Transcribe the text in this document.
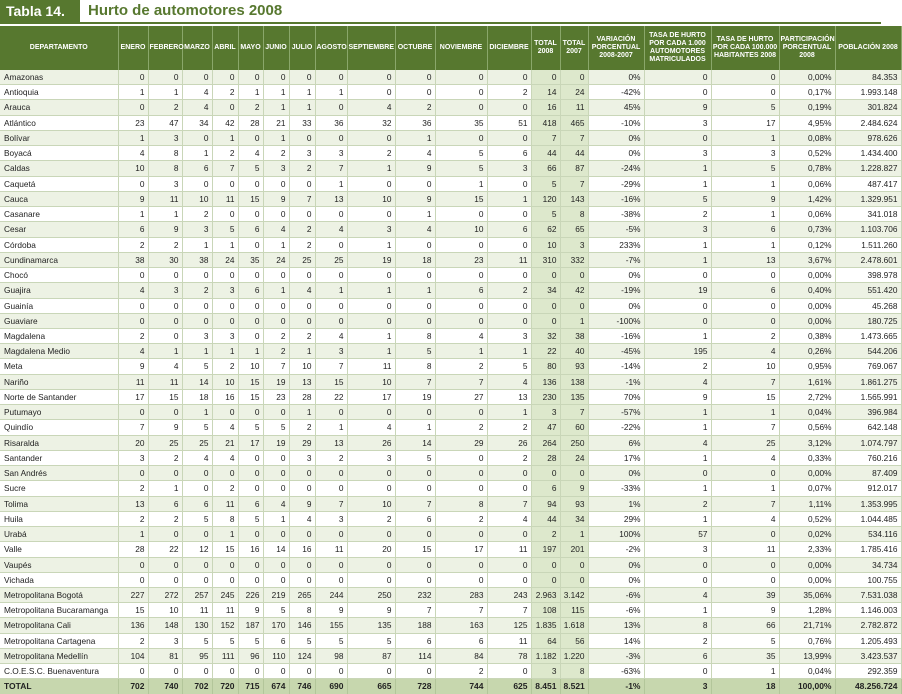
Tabla 14.	Hurto de automotores 2008
DEPARTAMENTO	ENERO	FEBRERO	MARZO	ABRIL	MAYO	JUNIO	JULIO	AGOSTO	SEPTIEMBRE	OCTUBRE	NOVIEMBRE	DICIEMBRE	TOTAL 2008	TOTAL 2007	VARIACIÓN PORCENTUAL 2008-2007	TASA DE HURTO POR CADA 1.000 AUTOMOTORES MATRICULADOS	TASA DE HURTO POR CADA 100.000 HABITANTES 2008	PARTICIPACIÓN PORCENTUAL 2008	POBLACIÓN 2008
Amazonas	0	0	0	0	0	0	0	0	0	0	0	0	0	0	0%	0	0	0,00%	84.353
Antioquia	1	1	4	2	1	1	1	1	0	0	0	2	14	24	-42%	0	0	0,17%	1.993.148
Arauca	0	2	4	0	2	1	1	0	4	2	0	0	16	11	45%	9	5	0,19%	301.824
Atlántico	23	47	34	42	28	21	33	36	32	36	35	51	418	465	-10%	3	17	4,95%	2.484.624
Bolívar	1	3	0	1	0	1	0	0	0	1	0	0	7	7	0%	0	1	0,08%	978.626
Boyacá	4	8	1	2	4	2	3	3	2	4	5	6	44	44	0%	3	3	0,52%	1.434.400
Caldas	10	8	6	7	5	3	2	7	1	9	5	3	66	87	-24%	1	5	0,78%	1.228.827
Caquetá	0	3	0	0	0	0	0	1	0	0	1	0	5	7	-29%	1	1	0,06%	487.417
Cauca	9	11	10	11	15	9	7	13	10	9	15	1	120	143	-16%	5	9	1,42%	1.329.951
Casanare	1	1	2	0	0	0	0	0	0	1	0	0	5	8	-38%	2	1	0,06%	341.018
Cesar	6	9	3	5	6	4	2	4	3	4	10	6	62	65	-5%	3	6	0,73%	1.103.706
Córdoba	2	2	1	1	0	1	2	0	1	0	0	0	10	3	233%	1	1	0,12%	1.511.260
Cundinamarca	38	30	38	24	35	24	25	25	19	18	23	11	310	332	-7%	1	13	3,67%	2.478.601
Chocó	0	0	0	0	0	0	0	0	0	0	0	0	0	0	0%	0	0	0,00%	398.978
Guajira	4	3	2	3	6	1	4	1	1	1	6	2	34	42	-19%	19	6	0,40%	551.420
Guainía	0	0	0	0	0	0	0	0	0	0	0	0	0	0	0%	0	0	0,00%	45.268
Guaviare	0	0	0	0	0	0	0	0	0	0	0	0	0	1	-100%	0	0	0,00%	180.725
Magdalena	2	0	3	3	0	2	2	4	1	8	4	3	32	38	-16%	1	2	0,38%	1.473.665
Magdalena Medio	4	1	1	1	1	2	1	3	1	5	1	1	22	40	-45%	195	4	0,26%	544.206
Meta	9	4	5	2	10	7	10	7	11	8	2	5	80	93	-14%	2	10	0,95%	769.067
Nariño	11	11	14	10	15	19	13	15	10	7	7	4	136	138	-1%	4	7	1,61%	1.861.275
Norte de Santander	17	15	18	16	15	23	28	22	17	19	27	13	230	135	70%	9	15	2,72%	1.565.991
Putumayo	0	0	1	0	0	0	1	0	0	0	0	1	3	7	-57%	1	1	0,04%	396.984
Quindío	7	9	5	4	5	5	2	1	4	1	2	2	47	60	-22%	1	7	0,56%	642.148
Risaralda	20	25	25	21	17	19	29	13	26	14	29	26	264	250	6%	4	25	3,12%	1.074.797
Santander	3	2	4	4	0	0	3	2	3	5	0	2	28	24	17%	1	4	0,33%	760.216
San Andrés	0	0	0	0	0	0	0	0	0	0	0	0	0	0	0%	0	0	0,00%	87.409
Sucre	2	1	0	2	0	0	0	0	0	0	0	0	6	9	-33%	1	1	0,07%	912.017
Tolima	13	6	6	11	6	4	9	7	10	7	8	7	94	93	1%	2	7	1,11%	1.353.995
Huila	2	2	5	8	5	1	4	3	2	6	2	4	44	34	29%	1	4	0,52%	1.044.485
Urabá	1	0	0	1	0	0	0	0	0	0	0	0	2	1	100%	57	0	0,02%	534.116
Valle	28	22	12	15	16	14	16	11	20	15	17	11	197	201	-2%	3	11	2,33%	1.785.416
Vaupés	0	0	0	0	0	0	0	0	0	0	0	0	0	0	0%	0	0	0,00%	34.734
Vichada	0	0	0	0	0	0	0	0	0	0	0	0	0	0	0%	0	0	0,00%	100.755
Metropolitana Bogotá	227	272	257	245	226	219	265	244	250	232	283	243	2.963	3.142	-6%	4	39	35,06%	7.531.038
Metropolitana Bucaramanga	15	10	11	11	9	5	8	9	9	7	7	7	108	115	-6%	1	9	1,28%	1.146.003
Metropolitana Cali	136	148	130	152	187	170	146	155	135	188	163	125	1.835	1.618	13%	8	66	21,71%	2.782.872
Metropolitana Cartagena	2	3	5	5	5	6	5	5	5	6	6	11	64	56	14%	2	5	0,76%	1.205.493
Metropolitana Medellín	104	81	95	111	96	110	124	98	87	114	84	78	1.182	1.220	-3%	6	35	13,99%	3.423.537
C.O.E.S.C. Buenaventura	0	0	0	0	0	0	0	0	0	0	2	0	3	8	-63%	0	1	0,04%	292.359
TOTAL	702	740	702	720	715	674	746	690	665	728	744	625	8.451	8.521	-1%	3	18	100,00%	48.256.724
